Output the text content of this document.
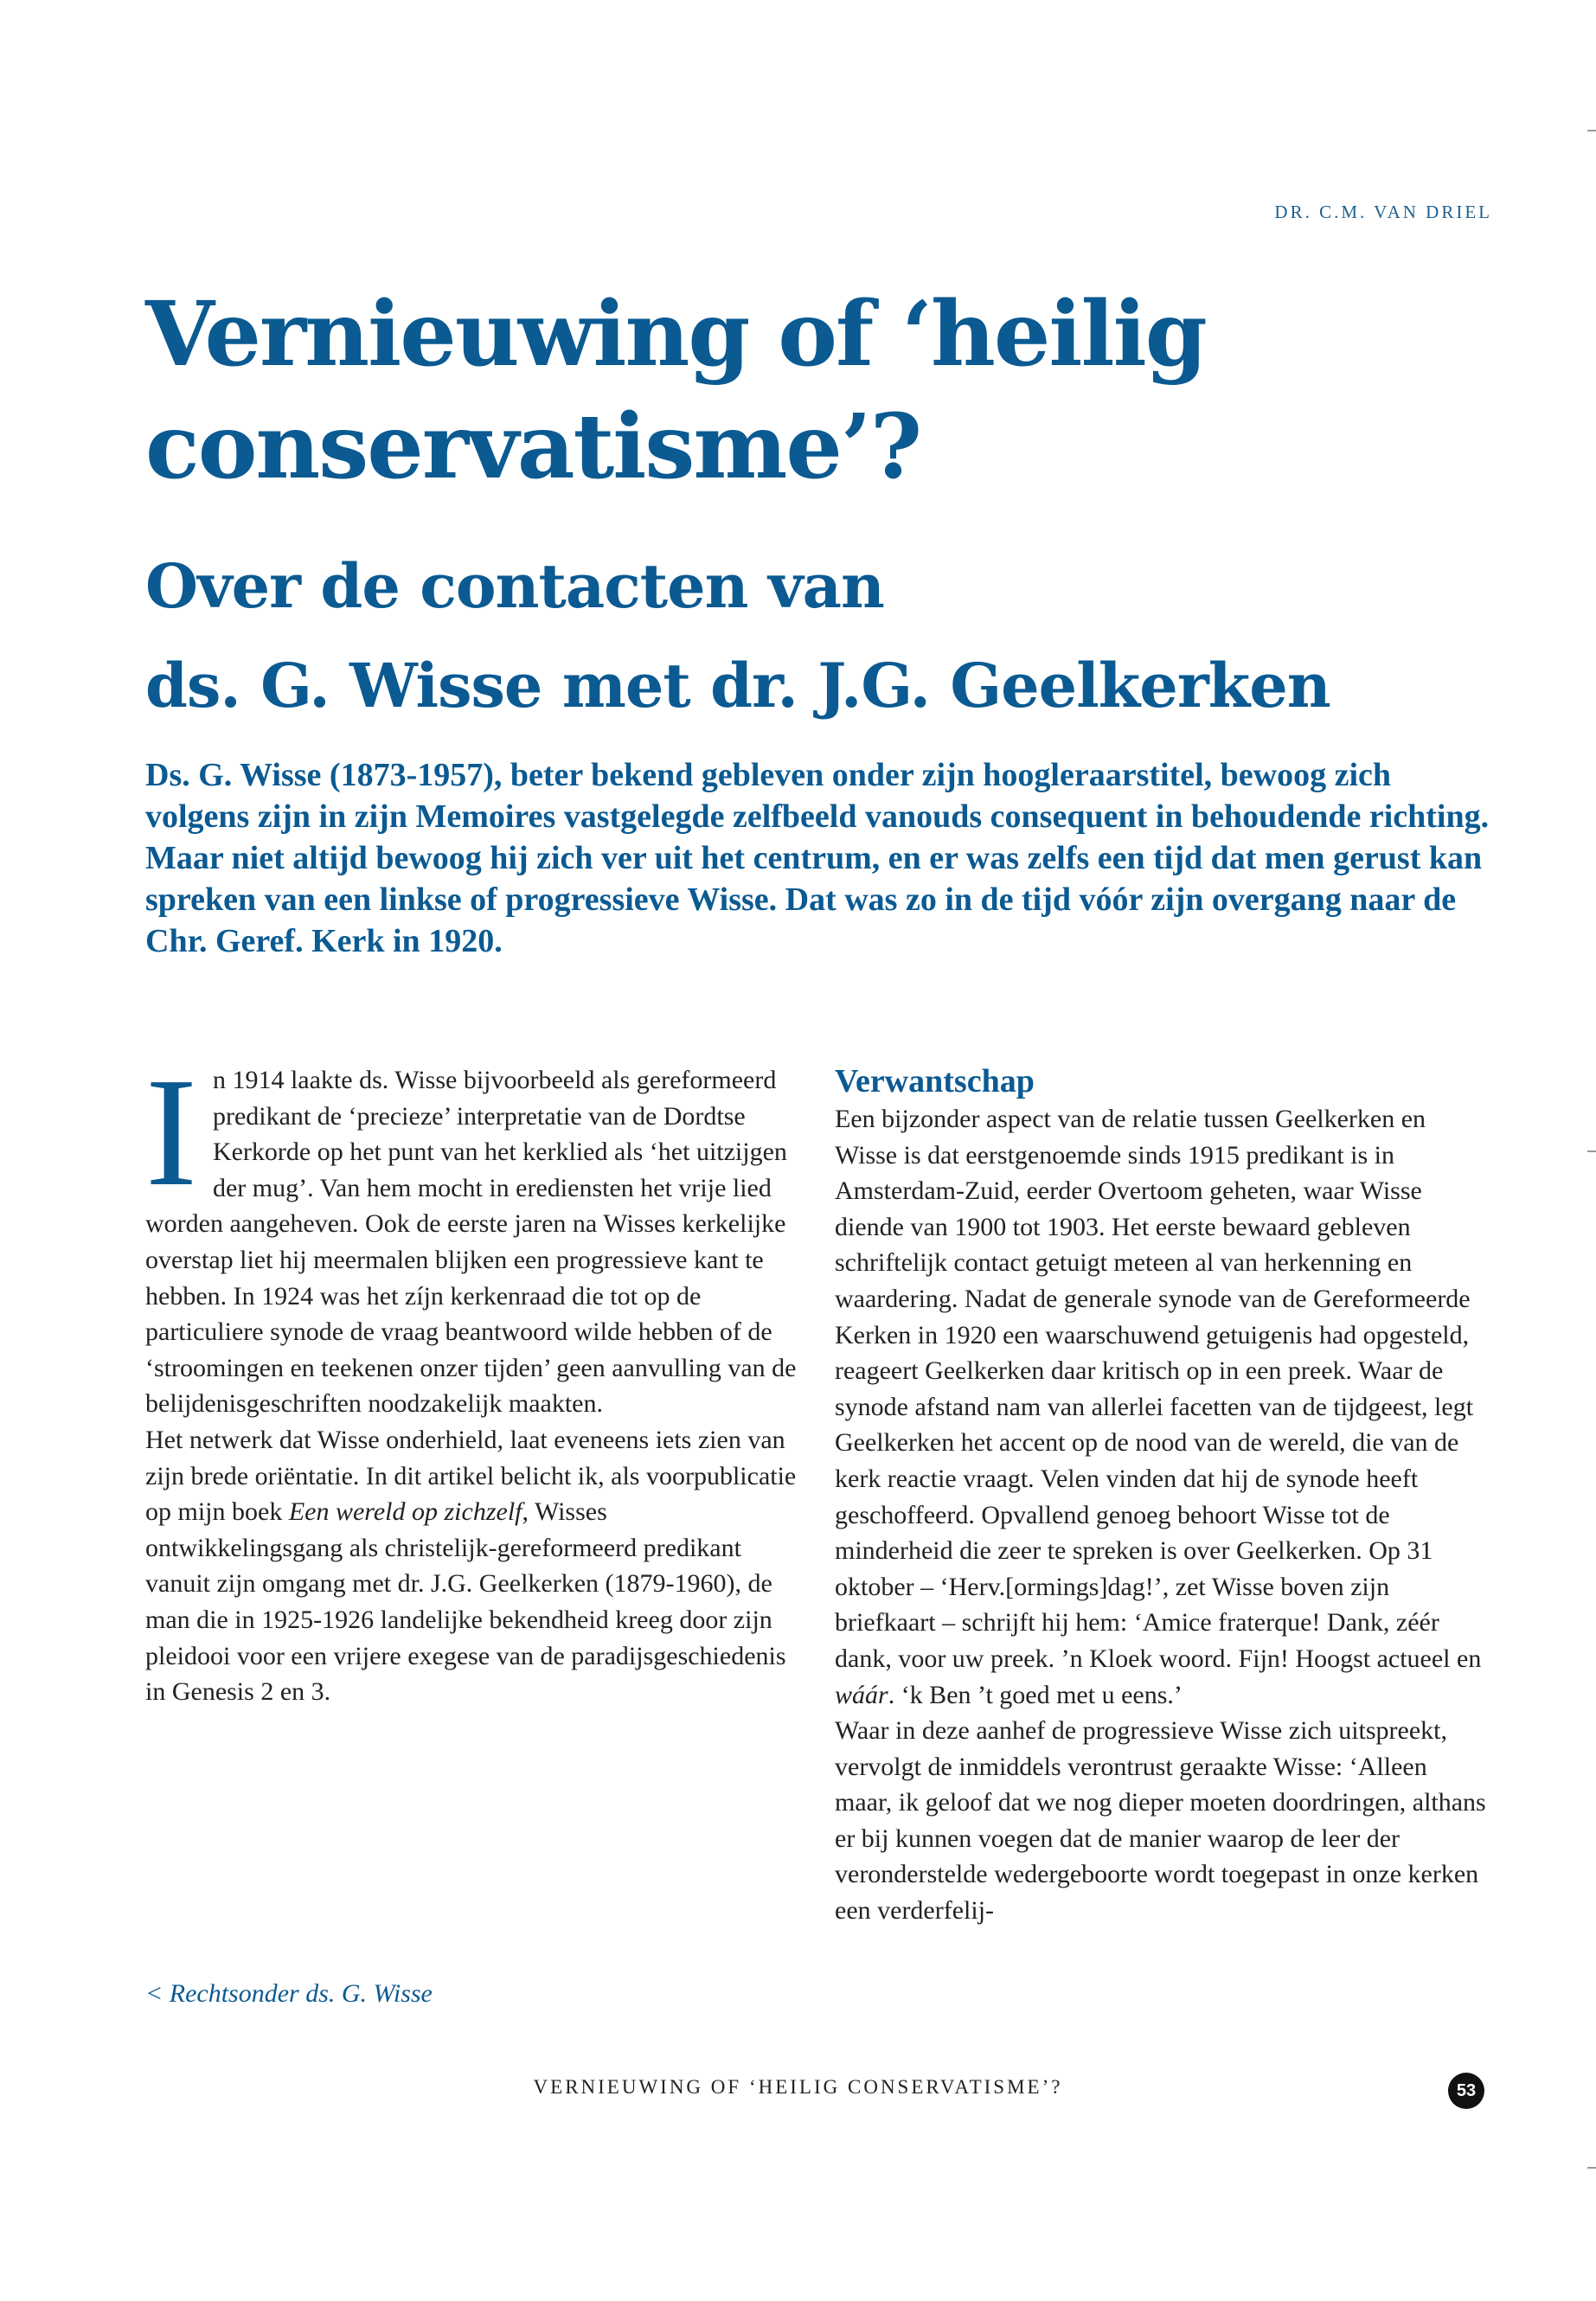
DR. C.M. VAN DRIEL
Vernieuwing of ‘heilig
conservatisme’?
Over de contacten van
ds. G. Wisse met dr. J.G. Geelkerken

Ds. G. Wisse (1873-1957), beter bekend gebleven onder zijn hoogleraarstitel, bewoog zich volgens zijn in zijn Memoires vastgelegde zelfbeeld vanouds consequent in behoudende richting. Maar niet altijd bewoog hij zich ver uit het centrum, en er was zelfs een tijd dat men gerust kan spreken van een linkse of progressieve Wisse. Dat was zo in de tijd vóór zijn overgang naar de Chr. Geref. Kerk in 1920.

In 1914 laakte ds. Wisse bijvoorbeeld als gereformeerd predikant de ‘precieze’ interpretatie van de Dordtse Kerkorde op het punt van het kerklied als ‘het uitzijgen der mug’. Van hem mocht in erediensten het vrije lied worden aangeheven. Ook de eerste jaren na Wisses kerkelijke overstap liet hij meermalen blijken een progressieve kant te hebben. In 1924 was het zíjn kerkenraad die tot op de particuliere synode de vraag beantwoord wilde hebben of de ‘stroomingen en teekenen onzer tijden’ geen aanvulling van de belijdenisgeschriften noodzakelijk maakten.

Het netwerk dat Wisse onderhield, laat eveneens iets zien van zijn brede oriëntatie. In dit artikel belicht ik, als voorpublicatie op mijn boek Een wereld op zichzelf, Wisses ontwikkelingsgang als christelijk-gereformeerd predikant vanuit zijn omgang met dr. J.G. Geelkerken (1879-1960), de man die in 1925-1926 landelijke bekendheid kreeg door zijn pleidooi voor een vrijere exegese van de paradijsgeschiedenis in Genesis 2 en 3.

Verwantschap

Een bijzonder aspect van de relatie tussen Geelkerken en Wisse is dat eerstgenoemde sinds 1915 predikant is in Amsterdam-Zuid, eerder Overtoom geheten, waar Wisse diende van 1900 tot 1903. Het eerste bewaard gebleven schriftelijk contact getuigt meteen al van herkenning en waardering. Nadat de generale synode van de Gereformeerde Kerken in 1920 een waarschuwend getuigenis had opgesteld, reageert Geelkerken daar kritisch op in een preek. Waar de synode afstand nam van allerlei facetten van de tijdgeest, legt Geelkerken het accent op de nood van de wereld, die van de kerk reactie vraagt. Velen vinden dat hij de synode heeft geschoffeerd. Opvallend genoeg behoort Wisse tot de minderheid die zeer te spreken is over Geelkerken. Op 31 oktober – ‘Herv.[ormings]dag!’, zet Wisse boven zijn briefkaart – schrijft hij hem: ‘Amice fraterque! Dank, zéér dank, voor uw preek. ’n Kloek woord. Fijn! Hoogst actueel en wáár. ‘k Ben ’t goed met u eens.’

Waar in deze aanhef de progressieve Wisse zich uitspreekt, vervolgt de inmiddels verontrust geraakte Wisse: ‘Alleen maar, ik geloof dat we nog dieper moeten doordringen, althans er bij kunnen voegen dat de manier waarop de leer der veronderstelde wedergeboorte wordt toegepast in onze kerken een verderfelij-

< Rechtsonder ds. G. Wisse
VERNIEUWING OF ‘HEILIG CONSERVATISME’?	53
